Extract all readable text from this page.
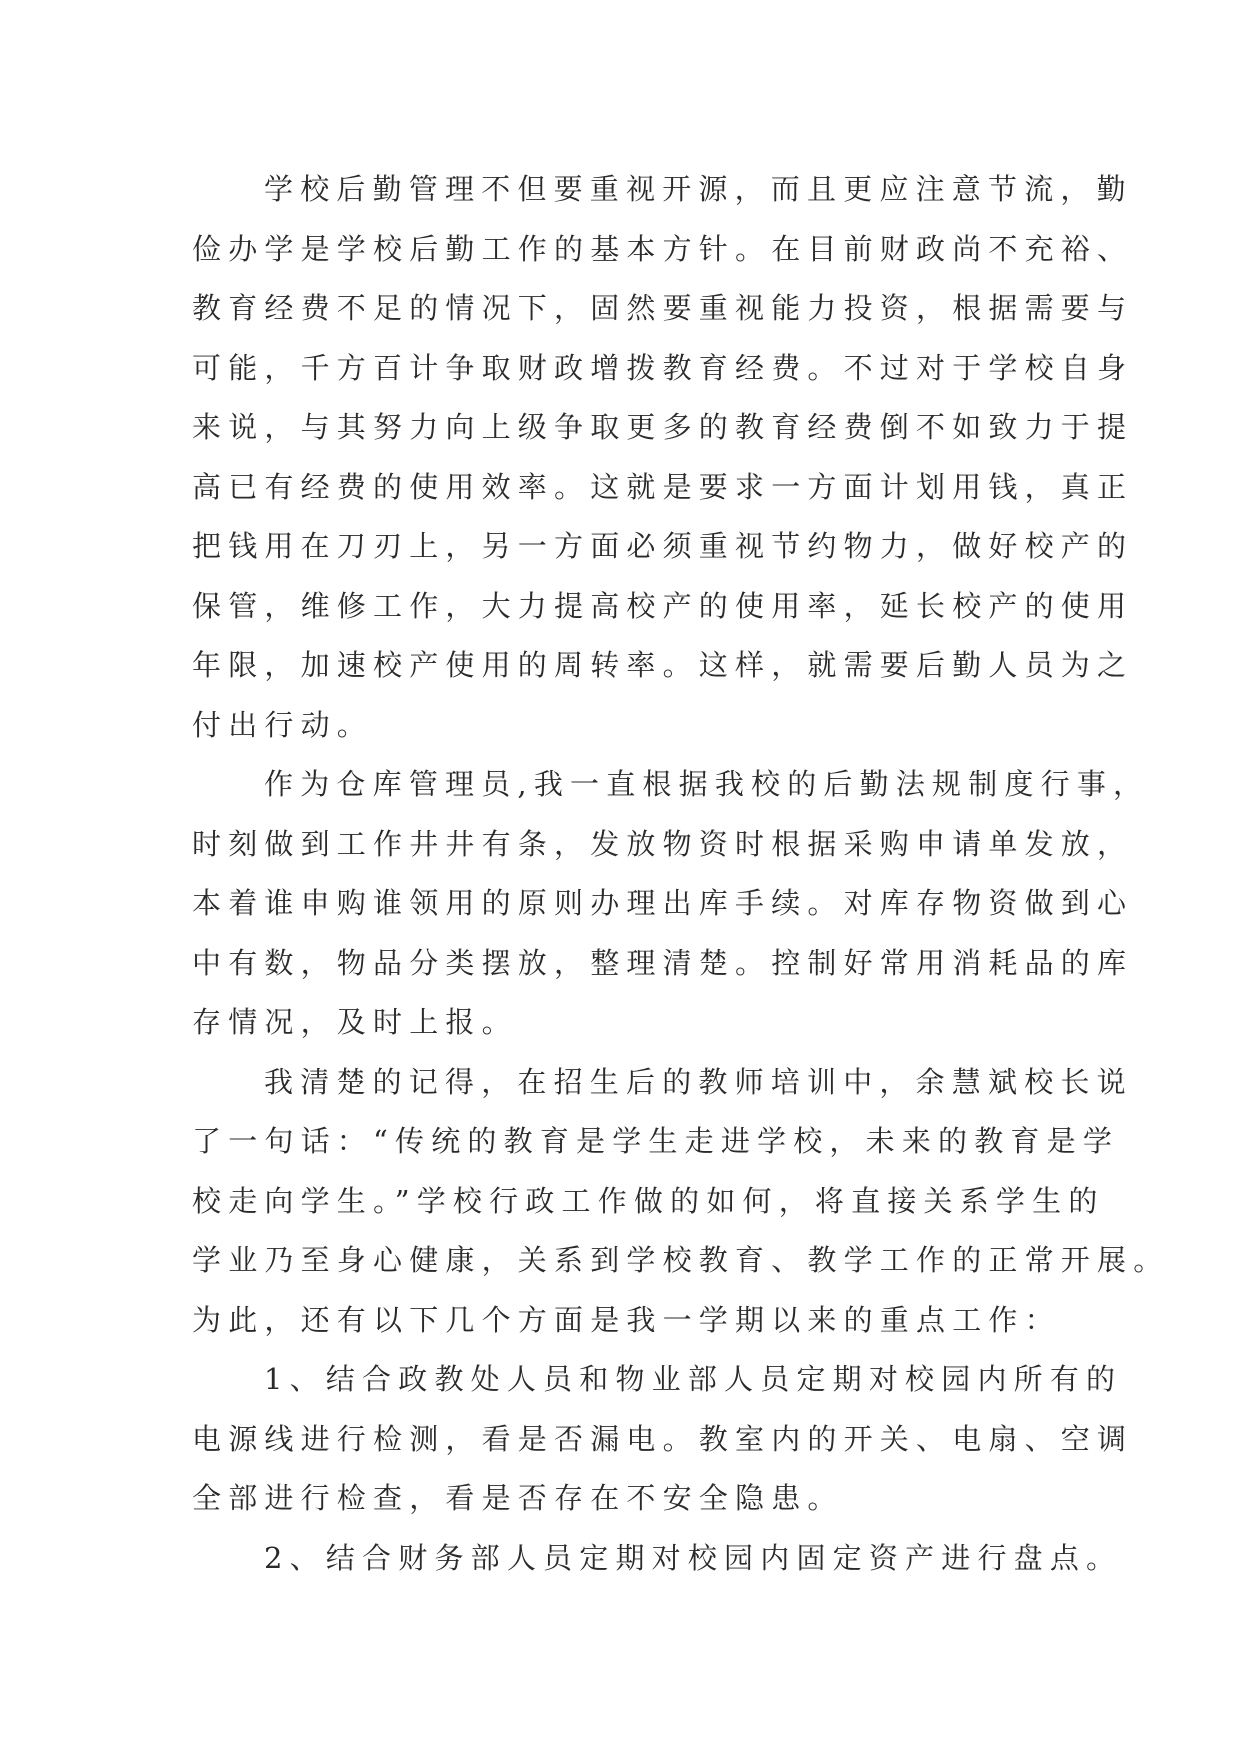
学校后勤管理不但要重视开源，而且更应注意节流，勤
俭办学是学校后勤工作的基本方针。在目前财政尚不充裕、
教育经费不足的情况下，固然要重视能力投资，根据需要与
可能，千方百计争取财政增拨教育经费。不过对于学校自身
来说，与其努力向上级争取更多的教育经费倒不如致力于提
高已有经费的使用效率。这就是要求一方面计划用钱，真正
把钱用在刀刃上，另一方面必须重视节约物力，做好校产的
保管，维修工作，大力提高校产的使用率，延长校产的使用
年限，加速校产使用的周转率。这样，就需要后勤人员为之
付出行动。
作为仓库管理员,我一直根据我校的后勤法规制度行事，
时刻做到工作井井有条，发放物资时根据采购申请单发放，
本着谁申购谁领用的原则办理出库手续。对库存物资做到心
中有数，物品分类摆放，整理清楚。控制好常用消耗品的库
存情况，及时上报。
我清楚的记得，在招生后的教师培训中，余慧斌校长说
了一句话：“传统的教育是学生走进学校，未来的教育是学
校走向学生。”学校行政工作做的如何，将直接关系学生的
学业乃至身心健康，关系到学校教育、教学工作的正常开展。
为此，还有以下几个方面是我一学期以来的重点工作：
1、结合政教处人员和物业部人员定期对校园内所有的
电源线进行检测，看是否漏电。教室内的开关、电扇、空调
全部进行检查，看是否存在不安全隐患。
2、结合财务部人员定期对校园内固定资产进行盘点。
